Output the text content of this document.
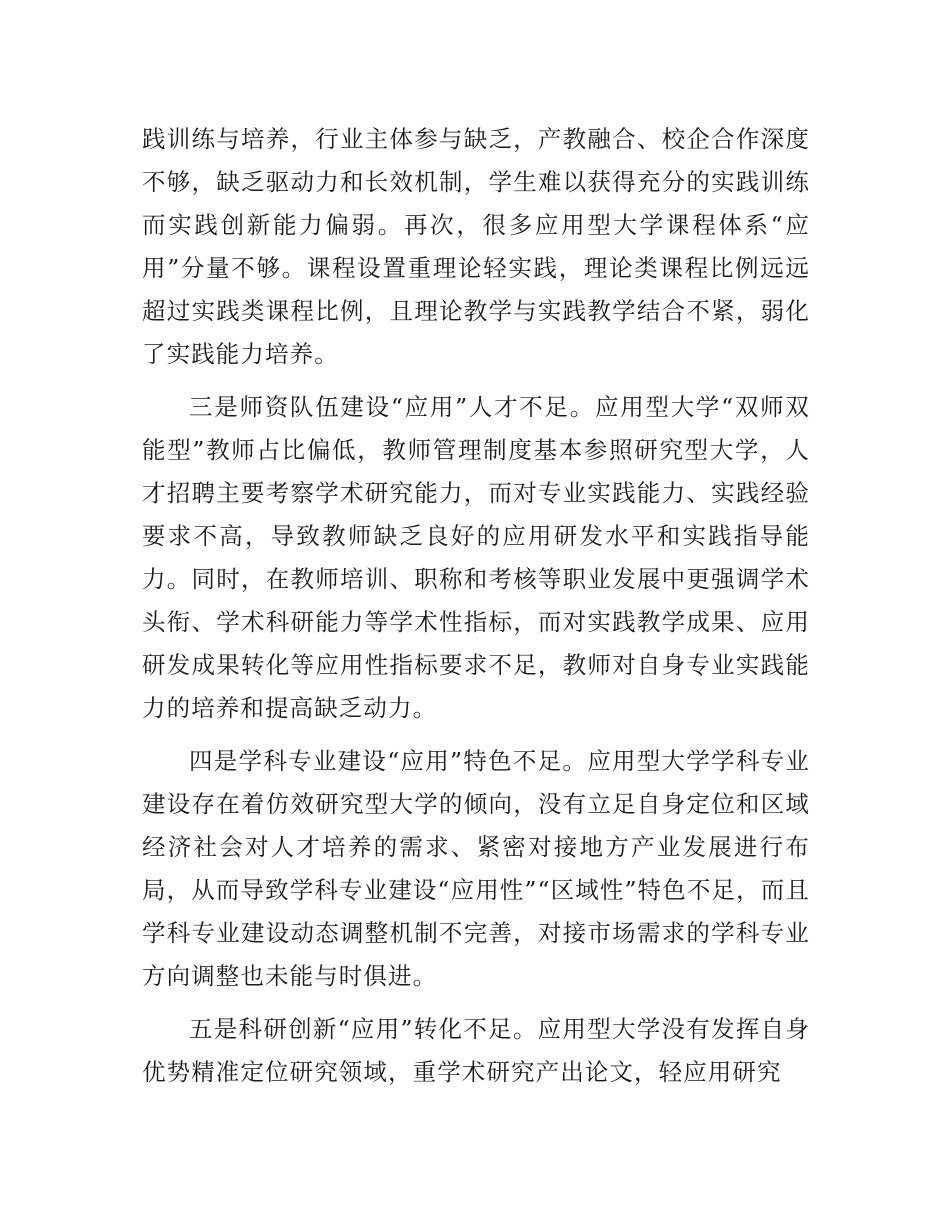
践训练与培养，行业主体参与缺乏，产教融合、校企合作深度不够，缺乏驱动力和长效机制，学生难以获得充分的实践训练而实践创新能力偏弱。再次，很多应用型大学课程体系“应用”分量不够。课程设置重理论轻实践，理论类课程比例远远超过实践类课程比例，且理论教学与实践教学结合不紧，弱化了实践能力培养。

三是师资队伍建设“应用”人才不足。应用型大学“双师双能型”教师占比偏低，教师管理制度基本参照研究型大学，人才招聘主要考察学术研究能力，而对专业实践能力、实践经验要求不高，导致教师缺乏良好的应用研发水平和实践指导能力。同时，在教师培训、职称和考核等职业发展中更强调学术头衔、学术科研能力等学术性指标，而对实践教学成果、应用研发成果转化等应用性指标要求不足，教师对自身专业实践能力的培养和提高缺乏动力。

四是学科专业建设“应用”特色不足。应用型大学学科专业建设存在着仿效研究型大学的倾向，没有立足自身定位和区域经济社会对人才培养的需求、紧密对接地方产业发展进行布局，从而导致学科专业建设“应用性”“区域性”特色不足，而且学科专业建设动态调整机制不完善，对接市场需求的学科专业方向调整也未能与时俱进。

五是科研创新“应用”转化不足。应用型大学没有发挥自身优势精准定位研究领域，重学术研究产出论文，轻应用研究
